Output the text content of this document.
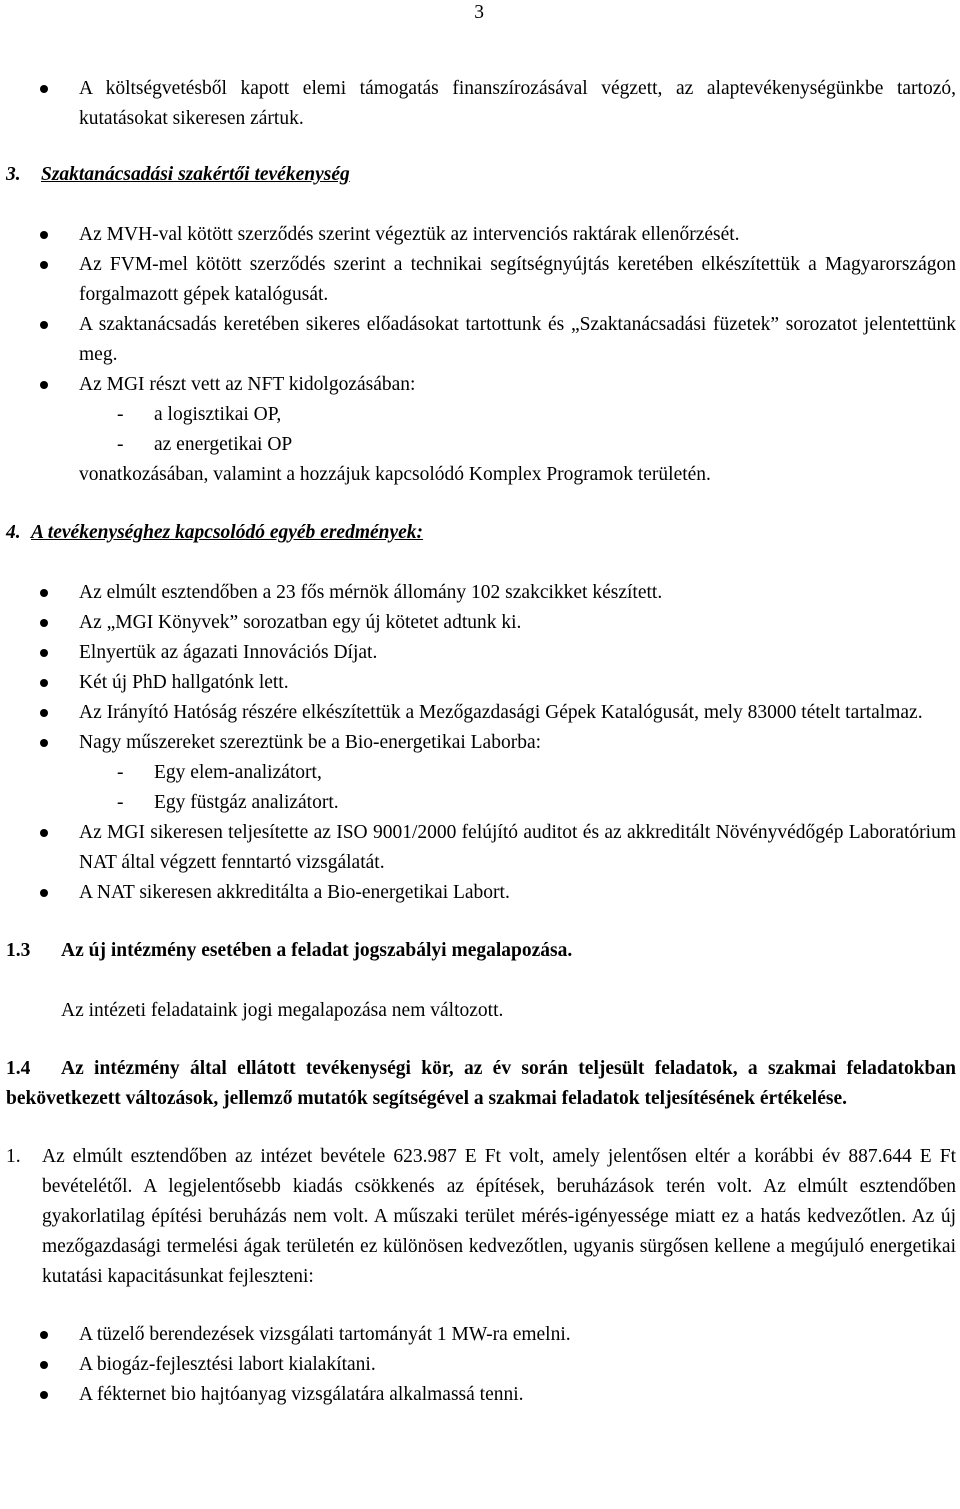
3
A költségvetésből kapott elemi támogatás finanszírozásával végzett, az alaptevékenységünkbe tartozó, kutatásokat sikeresen zártuk.
3. Szaktanácsadási szakértői tevékenység
Az MVH-val kötött szerződés szerint végeztük az intervenciós raktárak ellenőrzését.
Az FVM-mel kötött szerződés szerint a technikai segítségnyújtás keretében elkészítettük a Magyarországon forgalmazott gépek katalógusát.
A szaktanácsadás keretében sikeres előadásokat tartottunk és „Szaktanácsadási füzetek” sorozatot jelentettünk meg.
Az MGI részt vett az NFT kidolgozásában:
- a logisztikai OP,
- az energetikai OP
vonatkozásában, valamint a hozzájuk kapcsolódó Komplex Programok területén.
4. A tevékenységhez kapcsolódó egyéb eredmények:
Az elmúlt esztendőben a 23 fős mérnök állomány 102 szakcikket készített.
Az „MGI Könyvek” sorozatban egy új kötetet adtunk ki.
Elnyertük az ágazati Innovációs Díjat.
Két új PhD hallgatónk lett.
Az Irányító Hatóság részére elkészítettük a Mezőgazdasági Gépek Katalógusát, mely 83000 tételt tartalmaz.
Nagy műszereket szereztünk be a Bio-energetikai Laborba:
- Egy elem-analizátort,
- Egy füstgáz analizátort.
Az MGI sikeresen teljesítette az ISO 9001/2000 felújító auditot és az akkreditált Növényvédőgép Laboratórium NAT által végzett fenntartó vizsgálatát.
A NAT sikeresen akkreditálta a Bio-energetikai Labort.
1.3 Az új intézmény esetében a feladat jogszabályi megalapozása.
Az intézeti feladataink jogi megalapozása nem változott.
1.4 Az intézmény által ellátott tevékenységi kör, az év során teljesült feladatok, a szakmai feladatokban bekövetkezett változások, jellemző mutatók segítségével a szakmai feladatok teljesítésének értékelése.
1. Az elmúlt esztendőben az intézet bevétele 623.987 E Ft volt, amely jelentősen eltér a korábbi év 887.644 E Ft bevételétől. A legjelentősebb kiadás csökkenés az építések, beruházások terén volt. Az elmúlt esztendőben gyakorlatilag építési beruházás nem volt. A műszaki terület mérés-igényessége miatt ez a hatás kedvezőtlen. Az új mezőgazdasági termelési ágak területén ez különösen kedvezőtlen, ugyanis sürgősen kellene a megújuló energetikai kutatási kapacitásunkat fejleszteni:
A tüzelő berendezések vizsgálati tartományát 1 MW-ra emelni.
A biogáz-fejlesztési labort kialakítani.
A fékternet bio hajtóanyag vizsgálatára alkalmassá tenni.
